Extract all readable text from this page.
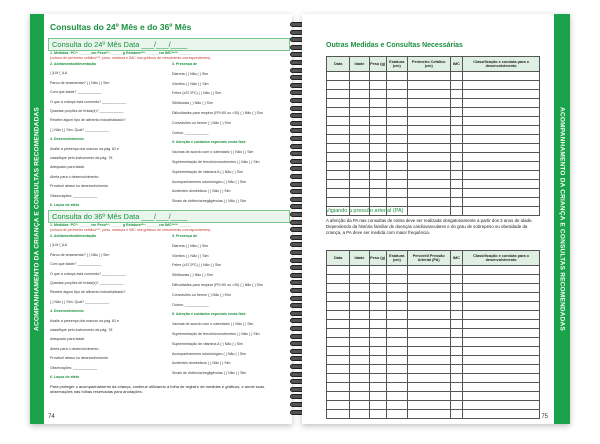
ACOMPANHAMENTO DA CRIANÇA E CONSULTAS RECOMENDADAS
Consultas do 24º Mês e do 36º Mês
Consulta do 24º Mês Data ___/___/____
1. Medidas: PC*: ______cm Peso**: ______g Estatura***: ______cm IMC****: ______
(coloca de perímetro cefálico***, peso, estatura e IMC nos gráficos de crescimento correspondentes)
2. Aleitamento/alimentação
( )LM ( )LA
Parou de amamentar? ( ) Não ( ) Sim
Com que idade? ____________
O que a criança está comendo? ____________
Quantas porções de frutas(s)? ____________
Recebe algum tipo de alimento industrializado?
( ) Não ( ) Sim. Qual? ____________
4. Desenvolvimento
Avalie a presença dos marcos na pág. 81 e
classifique pelo instrumento da pág. 78
Adequado para idade
Alerta para o desenvolvimento
Provável atraso no desenvolvimento
Observações: ____________
6. Laços de afeto
3. Presença de
Diarreia ( ) Não ( ) Sim
Vômitos ( ) Não ( ) Sim
Febre (≥37,5ºC) ( ) Não ( ) Sim
Sibilâncias ( ) Não ( ) Sim
Dificuldades para respirar (FR>50 ou >30) ( ) Não ( ) Sim
Convulsões ou tremor ( ) Não ( ) Sim
Outros: ____________
5. Atenção e cuidados especiais nesta fase
Vacinas de acordo com o calendário ( ) Não ( ) Sim
Suplementação de ferro/micronutrientes ( ) Não ( ) Sim
Suplementação de vitamina A ( ) Não ( ) Sim
Acompanhamento odontológico ( ) Não ( ) Sim
Acidentes domésticos ( ) Não ( ) Sim
Sinais de violência/negligências ( ) Não ( ) Sim
Consulta do 36º Mês Data ___/___/____
1. Medidas: PC*: ______cm Peso**: ______g Estatura***: ______cm IMC****: ______
(coloca de perímetro cefálico***, peso, estatura e IMC nos gráficos de crescimento correspondentes)
2. Aleitamento/alimentação
( )LM ( )LA
Parou de amamentar? ( ) Não ( ) Sim
Com que idade? ____________
O que a criança está comendo? ____________
Quantas porções de frutas(s)? ____________
Recebe algum tipo de alimento industrializado?
( ) Não ( ) Sim. Qual? ____________
4. Desenvolvimento
Avalie a presença dos marcos na pág. 81 e
classifique pelo instrumento da pág. 78
Adequado para idade
Alerta para o desenvolvimento
Provável atraso no desenvolvimento
Observações: ____________
6. Laços de afeto
3. Presença de
Diarreia ( ) Não ( ) Sim
Vômitos ( ) Não ( ) Sim
Febre (≥37,5ºC) ( ) Não ( ) Sim
Sibilâncias ( ) Não ( ) Sim
Dificuldades para respirar (FR>50 ou >30) ( ) Não ( ) Sim
Convulsões ou tremor ( ) Não ( ) Sim
Outros: ____________
5. Atenção e cuidados especiais nesta fase
Vacinas de acordo com o calendário ( ) Não ( ) Sim
Suplementação de ferro/micronutrientes ( ) Não ( ) Sim
Suplementação de vitamina A ( ) Não ( ) Sim
Acompanhamento odontológico ( ) Não ( ) Sim
Acidentes domésticos ( ) Não ( ) Sim
Sinais de violência/negligências ( ) Não ( ) Sim
Para proteger o acompanhamento da criança, continue utilizando a folha de registro de medidas e gráficos, e anote suas observações nas folhas reservadas para anotações.
74
ACOMPANHAMENTO DA CRIANÇA E CONSULTAS RECOMENDADAS
Outras Medidas e Consultas Necessárias
Data	Idade	Peso (g)	Estatura (cm)	Perímetro Cefálico (cm)	IMC	Classificação e conduta para o desenvolvimento

Vigiando a pressão arterial (PA)
A aferição da PA nas consultas de rotina deve ser realizada obrigatoriamente a partir dos 3 anos de idade. Dependendo da história familiar de doenças cardiovasculares e do grau de sobrepeso ou obesidade da criança, a PA deve ser medida com maior frequência.
Data	Idade	Peso (g)	Estatura (cm)	Percentil Pressão Arterial (PA)	IMC	Classificação e conduta para o desenvolvimento

75
